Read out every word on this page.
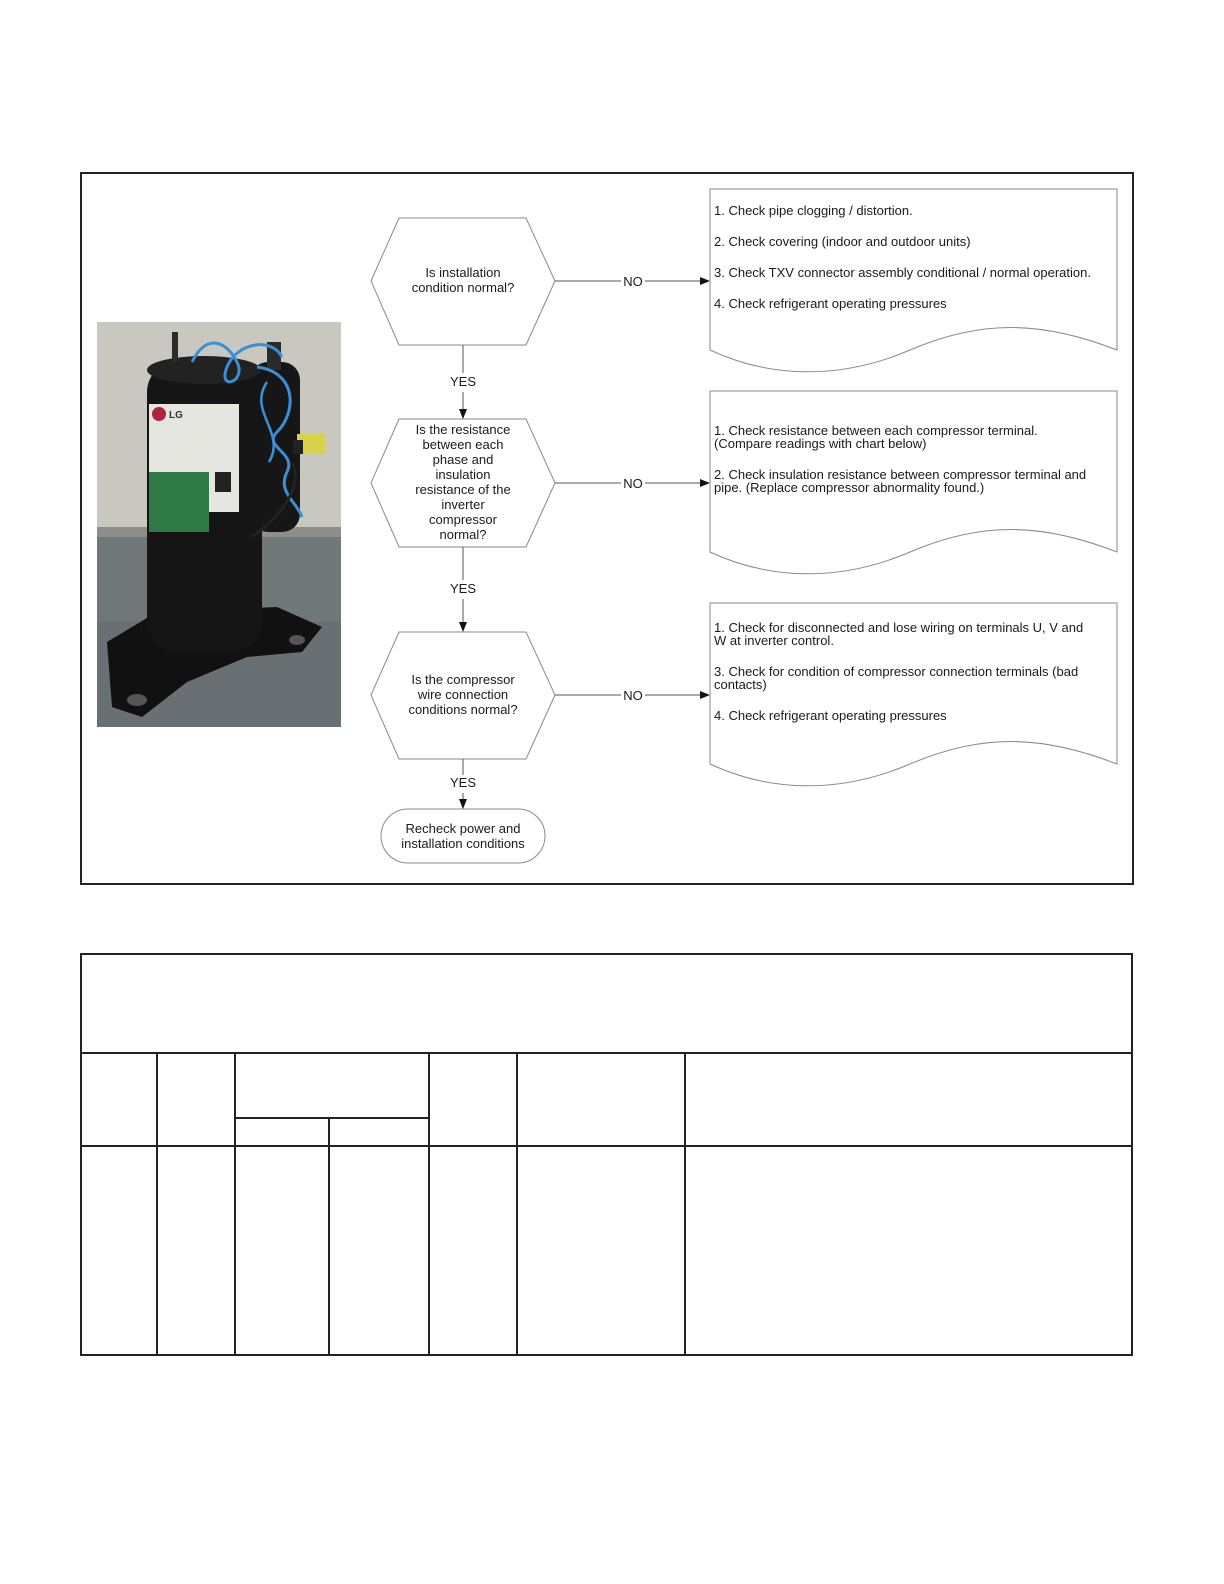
LG
Is installation
condition normal?
Is the resistance
between each
phase and
insulation
resistance of the
inverter
compressor
normal?
Is the compressor
wire connection
conditions normal?
Recheck power and
installation conditions
YES
YES
YES
NO
NO
NO

1. Check pipe clogging / distortion.

2. Check covering (indoor and outdoor units)

3. Check TXV connector assembly conditional / normal operation.

4. Check refrigerant operating pressures

1. Check resistance between each compressor terminal.

(Compare readings with chart below)

2. Check insulation resistance between compressor terminal and

pipe. (Replace compressor abnormality found.)

1. Check for disconnected and lose wiring on terminals U, V and

W at inverter control.

3. Check for condition of compressor connection terminals (bad

contacts)

4. Check refrigerant operating pressures
